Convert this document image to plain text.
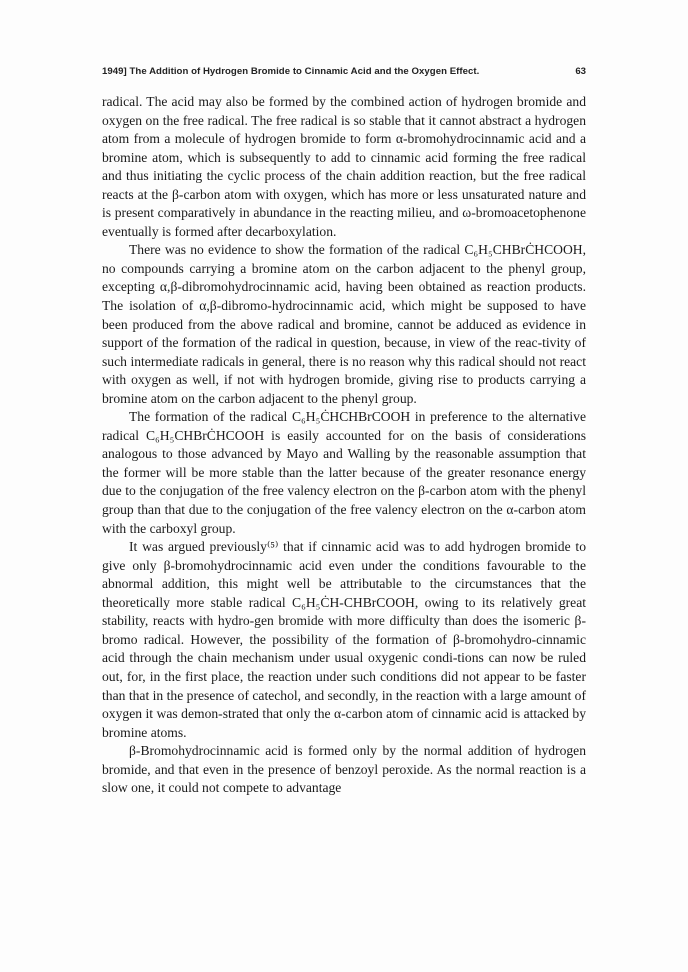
1949] The Addition of Hydrogen Bromide to Cinnamic Acid and the Oxygen Effect.	63

radical. The acid may also be formed by the combined action of hydrogen bromide and oxygen on the free radical. The free radical is so stable that it cannot abstract a hydrogen atom from a molecule of hydrogen bromide to form α-bromohydrocinnamic acid and a bromine atom, which is subsequently to add to cinnamic acid forming the free radical and thus initiating the cyclic process of the chain addition reaction, but the free radical reacts at the β-carbon atom with oxygen, which has more or less unsaturated nature and is present comparatively in abundance in the reacting milieu, and ω-bromoacetophenone eventually is formed after decarboxylation.

There was no evidence to show the formation of the radical C₆H₅CHBrĊHCOOH, no compounds carrying a bromine atom on the carbon adjacent to the phenyl group, excepting α,β-dibromohydrocinnamic acid, having been obtained as reaction products. The isolation of α,β-dibromo-hydrocinnamic acid, which might be supposed to have been produced from the above radical and bromine, cannot be adduced as evidence in support of the formation of the radical in question, because, in view of the reac-tivity of such intermediate radicals in general, there is no reason why this radical should not react with oxygen as well, if not with hydrogen bromide, giving rise to products carrying a bromine atom on the carbon adjacent to the phenyl group.

The formation of the radical C₆H₅ĊHCHBrCOOH in preference to the alternative radical C₆H₅CHBrĊHCOOH is easily accounted for on the basis of considerations analogous to those advanced by Mayo and Walling by the reasonable assumption that the former will be more stable than the latter because of the greater resonance energy due to the conjugation of the free valency electron on the β-carbon atom with the phenyl group than that due to the conjugation of the free valency electron on the α-carbon atom with the carboxyl group.

It was argued previously⁽⁵⁾ that if cinnamic acid was to add hydrogen bromide to give only β-bromohydrocinnamic acid even under the conditions favourable to the abnormal addition, this might well be attributable to the circumstances that the theoretically more stable radical C₆H₅ĊH-CHBrCOOH, owing to its relatively great stability, reacts with hydro-gen bromide with more difficulty than does the isomeric β-bromo radical. However, the possibility of the formation of β-bromohydro-cinnamic acid through the chain mechanism under usual oxygenic condi-tions can now be ruled out, for, in the first place, the reaction under such conditions did not appear to be faster than that in the presence of catechol, and secondly, in the reaction with a large amount of oxygen it was demon-strated that only the α-carbon atom of cinnamic acid is attacked by bromine atoms.

β-Bromohydrocinnamic acid is formed only by the normal addition of hydrogen bromide, and that even in the presence of benzoyl peroxide. As the normal reaction is a slow one, it could not compete to advantage
